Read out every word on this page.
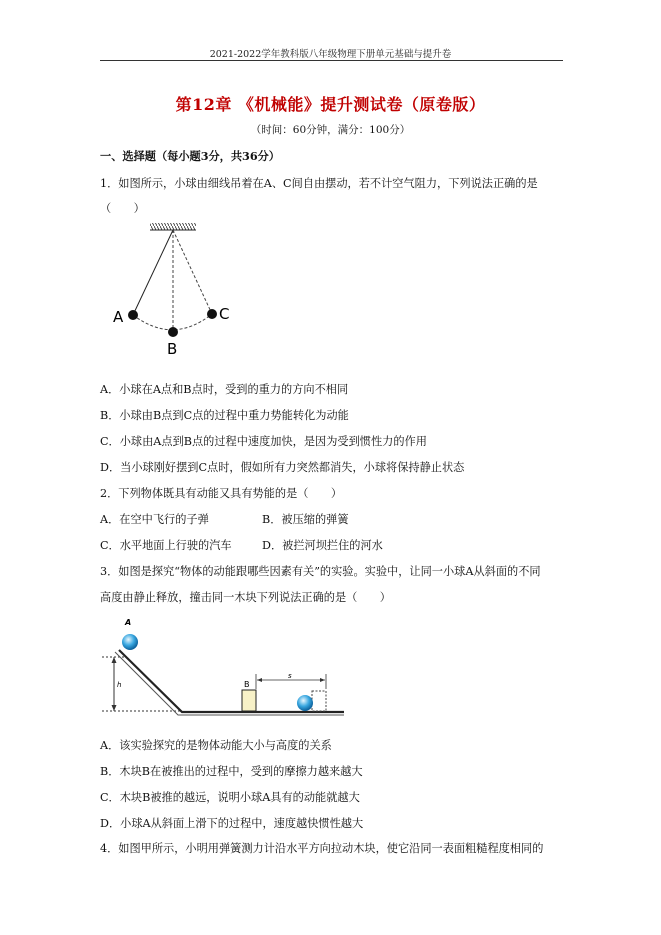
2021-2022学年教科版八年级物理下册单元基础与提升卷
第12章 《机械能》提升测试卷（原卷版）
（时间：60分钟，满分：100分）
一、选择题（每小题3分，共36分）
1．如图所示，小球由细线吊着在A、C间自由摆动，若不计空气阻力，下列说法正确的是
（　　）
A
B
C
A．小球在A点和B点时，受到的重力的方向不相同
B．小球由B点到C点的过程中重力势能转化为动能
C．小球由A点到B点的过程中速度加快，是因为受到惯性力的作用
D．当小球刚好摆到C点时，假如所有力突然都消失，小球将保持静止状态
2．下列物体既具有动能又具有势能的是（　　）
A．在空中飞行的子弹	B．被压缩的弹簧
C．水平地面上行驶的汽车	D．被拦河坝拦住的河水
3．如图是探究“物体的动能跟哪些因素有关”的实验。实验中，让同一小球A从斜面的不同
高度由静止释放，撞击同一木块下列说法正确的是（　　）
h
A
B
s
A．该实验探究的是物体动能大小与高度的关系
B．木块B在被推出的过程中，受到的摩擦力越来越大
C．木块B被推的越远，说明小球A具有的动能就越大
D．小球A从斜面上滑下的过程中，速度越快惯性越大
4．如图甲所示，小明用弹簧测力计沿水平方向拉动木块，使它沿同一表面粗糙程度相同的
